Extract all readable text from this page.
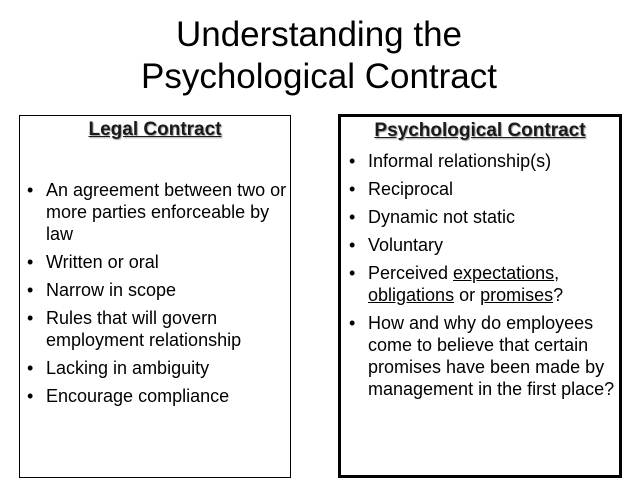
Understanding the
Psychological Contract
Legal Contract
• An agreement between two or more parties enforceable by law
• Written or oral
• Narrow in scope
• Rules that will govern employment relationship
• Lacking in ambiguity
• Encourage compliance
Psychological Contract
• Informal relationship(s)
• Reciprocal
• Dynamic not static
• Voluntary
• Perceived expectations, obligations or promises?
• How and why do employees come to believe that certain promises have been made by management in the first place?
